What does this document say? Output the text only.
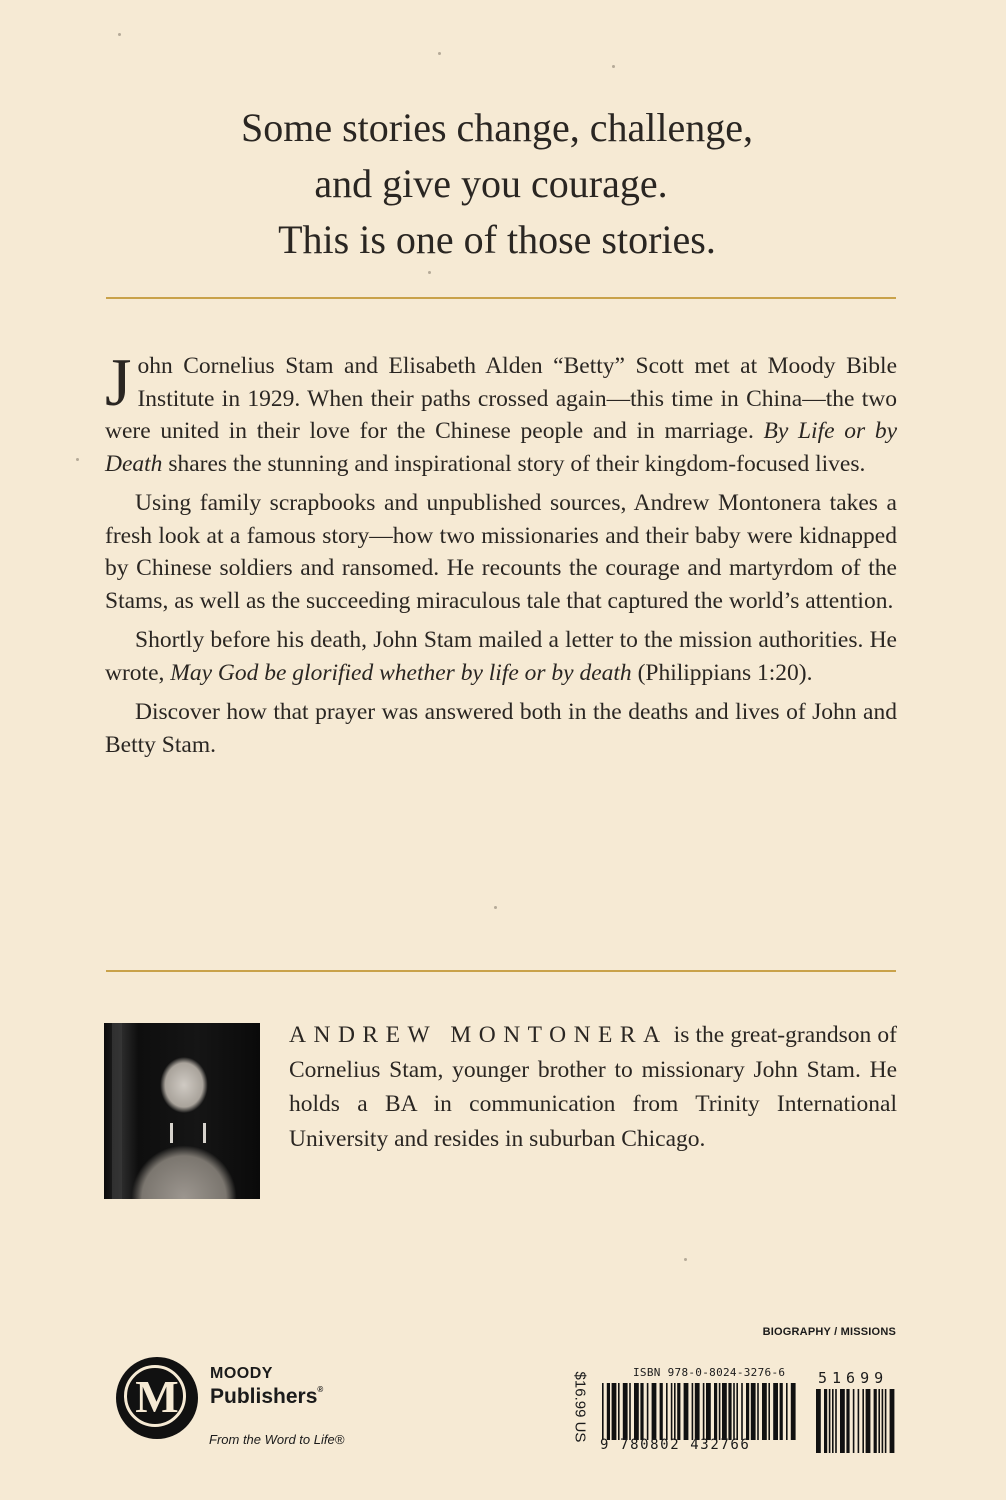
Some stories change, challenge,
and give you courage.
This is one of those stories.

John Cornelius Stam and Elisabeth Alden “Betty” Scott met at Moody Bible Institute in 1929. When their paths crossed again—this time in China—the two were united in their love for the Chinese people and in marriage. By Life or by Death shares the stunning and inspirational story of their kingdom-focused lives.

Using family scrapbooks and unpublished sources, Andrew Montonera takes a fresh look at a famous story—how two missionaries and their baby were kidnapped by Chinese soldiers and ransomed. He recounts the courage and martyrdom of the Stams, as well as the succeeding miraculous tale that captured the world’s attention.

Shortly before his death, John Stam mailed a letter to the mission authorities. He wrote, May God be glorified whether by life or by death (Philippians 1:20).

Discover how that prayer was answered both in the deaths and lives of John and Betty Stam.

ANDREW MONTONERA is the great-grandson of Cornelius Stam, younger brother to missionary John Stam. He holds a BA in communication from Trinity International University and resides in suburban Chicago.
BIOGRAPHY / MISSIONS
M	MOODY
Publishers®
From the Word to Life®	$16.99 US	ISBN 978-0-8024-3276-6
9 780802 432766
51699
